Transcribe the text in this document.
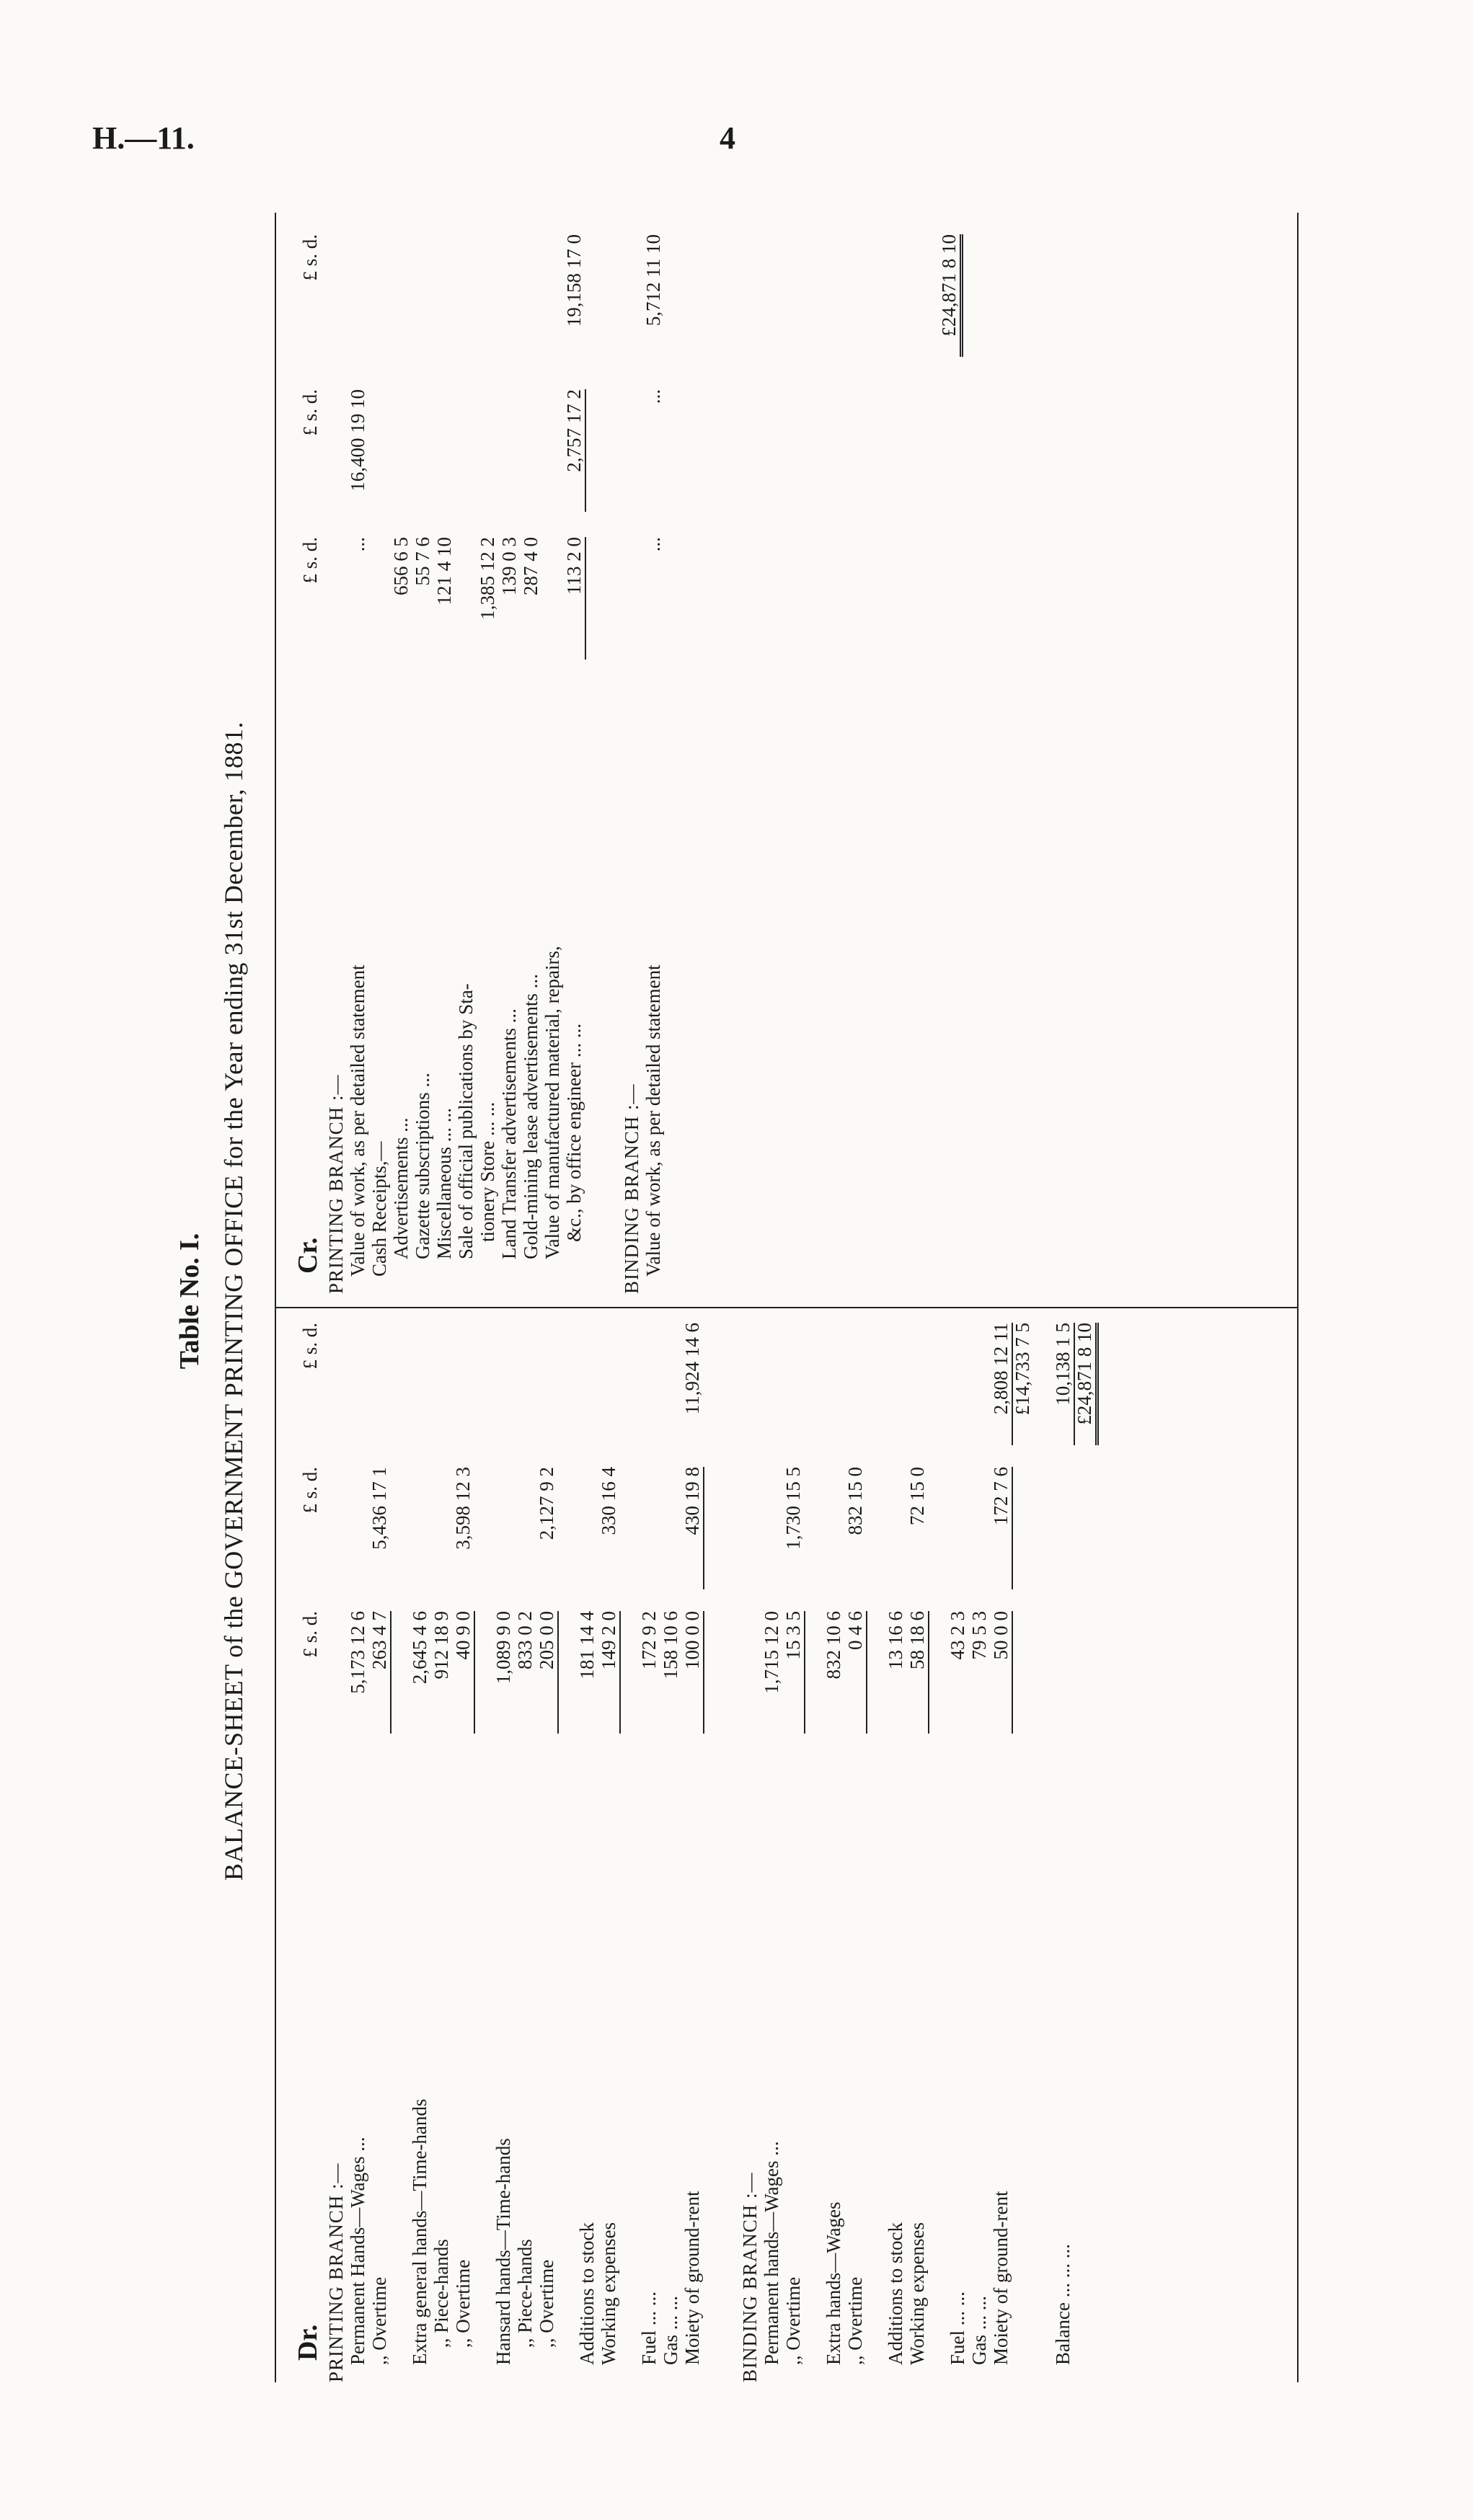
H.—11.	4
Table No. I. BALANCE-SHEET of the GOVERNMENT PRINTING OFFICE for the Year ending 31st December, 1881.
Dr.
£ s. d.
£ s. d.
£ s. d.
PRINTING BRANCH :— Permanent Hands—Wages ...
5,173 12 6
,, Overtime
263 4 7
5,436 17 1
Extra general hands—Time-hands
2,645 4 6
,, Piece-hands
912 18 9
,, Overtime
40 9 0
3,598 12 3
Hansard hands—Time-hands
1,089 9 0
,, Piece-hands
833 0 2
,, Overtime
205 0 0
2,127 9 2
Additions to stock
181 14 4
Working expenses
149 2 0
330 16 4
Fuel ... ...
172 9 2
Gas ... ...
158 10 6
Moiety of ground-rent
100 0 0
430 19 8
11,924 14 6
BINDING BRANCH :— Permanent hands—Wages ...
1,715 12 0
,, Overtime
15 3 5
1,730 15 5
Extra hands—Wages
832 10 6
,, Overtime
0 4 6
832 15 0
Additions to stock
13 16 6
Working expenses
58 18 6
72 15 0
Fuel ... ...
43 2 3
Gas ... ...
79 5 3
Moiety of ground-rent
50 0 0
172 7 6
2,808 12 11 £14,733 7 5
Balance ... ... ...
10,138 1 5 £24,871 8 10
Cr.
£ s. d.
£ s. d.
£ s. d.
PRINTING BRANCH :— Value of work, as per detailed statement
...
16,400 19 10
Cash Receipts,— Advertisements ...
656 6 5
Gazette subscriptions ...
55 7 6
Miscellaneous ... ...
121 4 10
Sale of official publications by Sta- tionery Store ... ...
1,385 12 2
Land Transfer advertisements ...
139 0 3
Gold-mining lease advertisements ...
287 4 0
Value of manufactured material, repairs, &c., by office engineer ... ...
113 2 0
2,757 17 2
19,158 17 0
BINDING BRANCH :— Value of work, as per detailed statement
...
...
5,712 11 10	£24,871 8 10
